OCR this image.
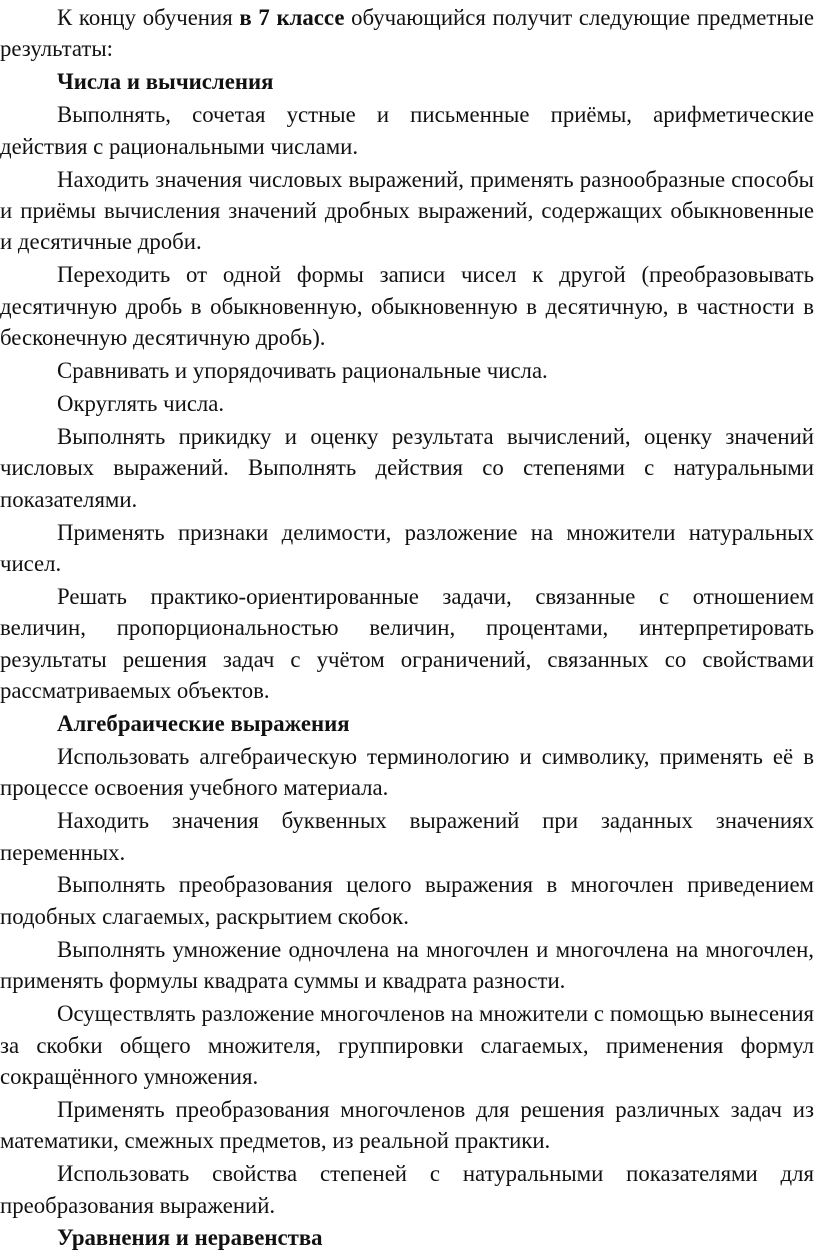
К концу обучения в 7 классе обучающийся получит следующие предметные результаты:

Числа и вычисления

Выполнять, сочетая устные и письменные приёмы, арифметические действия с рациональными числами.

Находить значения числовых выражений, применять разнообразные способы и приёмы вычисления значений дробных выражений, содержащих обыкновенные и десятичные дроби.

Переходить от одной формы записи чисел к другой (преобразовывать десятичную дробь в обыкновенную, обыкновенную в десятичную, в частности в бесконечную десятичную дробь).

Сравнивать и упорядочивать рациональные числа.

Округлять числа.

Выполнять прикидку и оценку результата вычислений, оценку значений числовых выражений. Выполнять действия со степенями с натуральными показателями.

Применять признаки делимости, разложение на множители натуральных чисел.

Решать практико-ориентированные задачи, связанные с отношением величин, пропорциональностью величин, процентами, интерпретировать результаты решения задач с учётом ограничений, связанных со свойствами рассматриваемых объектов.

Алгебраические выражения

Использовать алгебраическую терминологию и символику, применять её в процессе освоения учебного материала.

Находить значения буквенных выражений при заданных значениях переменных.

Выполнять преобразования целого выражения в многочлен приведением подобных слагаемых, раскрытием скобок.

Выполнять умножение одночлена на многочлен и многочлена на многочлен, применять формулы квадрата суммы и квадрата разности.

Осуществлять разложение многочленов на множители с помощью вынесения за скобки общего множителя, группировки слагаемых, применения формул сокращённого умножения.

Применять преобразования многочленов для решения различных задач из математики, смежных предметов, из реальной практики.

Использовать свойства степеней с натуральными показателями для преобразования выражений.

Уравнения и неравенства
